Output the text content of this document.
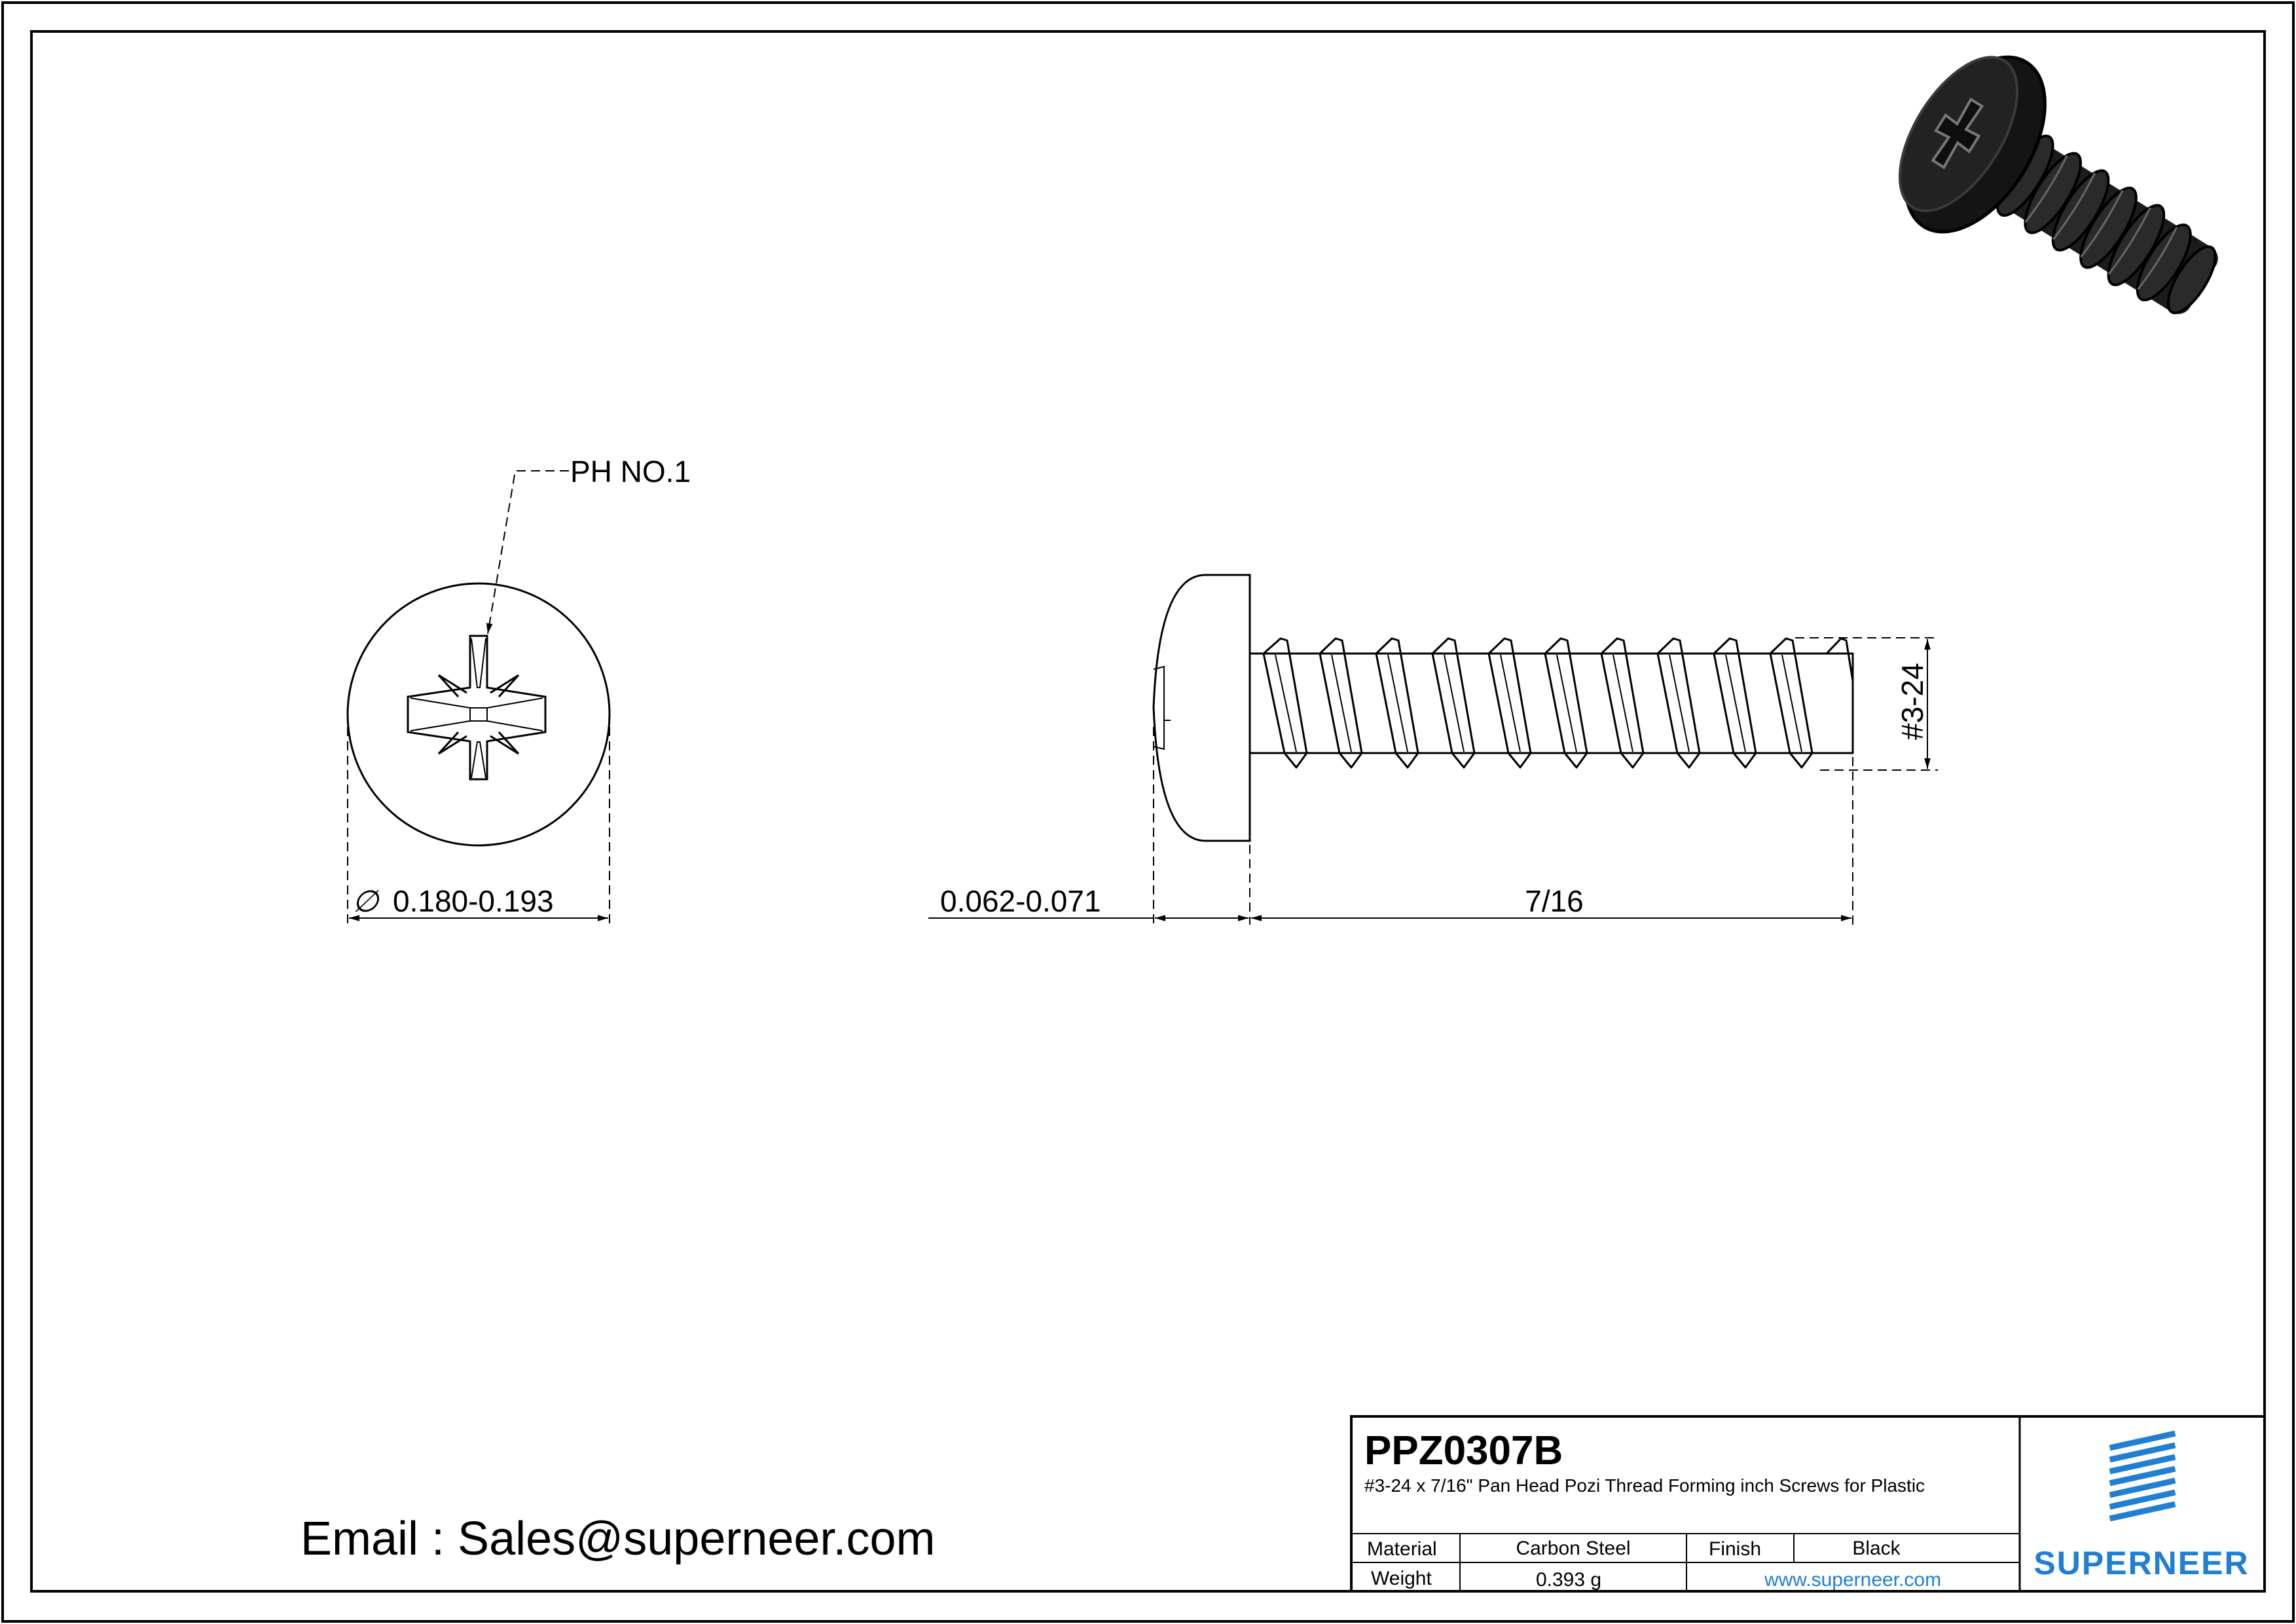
PH NO.1
∅ 0.180-0.193
#3-24
0.062-0.071	7/16
Email : Sales@superneer.com
PPZ0307B
#3-24 x 7/16" Pan Head Pozi Thread Forming inch Screws for Plastic
Material	Carbon Steel	Finish	Black
Weight	0.393 g	www.superneer.com	SUPERNEER
